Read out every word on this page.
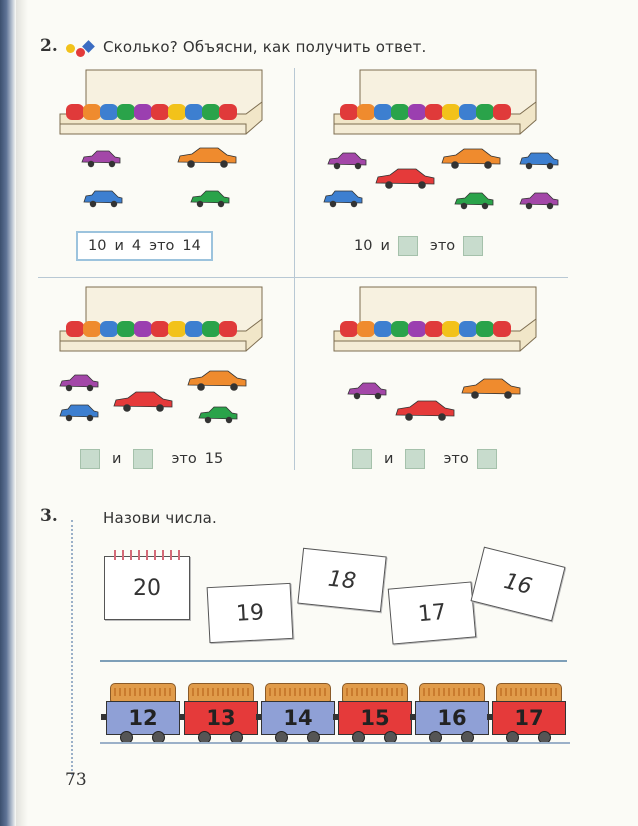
2.	Сколько? Объясни, как получить ответ.
10 и 4 это 14	10 и	это
и	это 15	и	это
3.	Назови числа.
20
19
18
17
16
12 13 14 15 16 17
73
